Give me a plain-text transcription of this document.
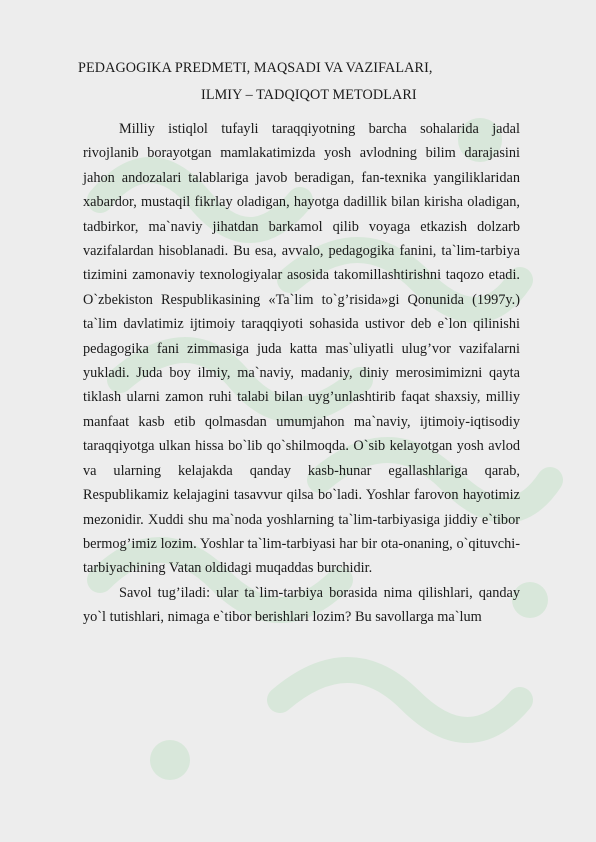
PEDAGOGIKA PREDMETI, MAQSADI VA VAZIFALARI,
ILMIY – TADQIQOT METODLARI

Milliy istiqlol tufayli taraqqiyotning barcha sohalarida jadal rivojlanib borayotgan mamlakatimizda yosh avlodning bilim darajasini jahon andozalari talablariga javob beradigan, fan-texnika yangiliklaridan xabardor, mustaqil fikrlay oladigan, hayotga dadillik bilan kirisha oladigan, tadbirkor, ma`naviy jihatdan barkamol qilib voyaga etkazish dolzarb vazifalardan hisoblanadi. Bu esa, avvalo, pedagogika fanini, ta`lim-tarbiya tizimini zamonaviy texnologiyalar asosida takomillashtirishni taqozo etadi. O`zbekiston Respublikasining «Ta`lim to`g’risida»gi Qonunida (1997y.) ta`lim davlatimiz ijtimoiy taraqqiyoti sohasida ustivor deb e`lon qilinishi pedagogika fani zimmasiga juda katta mas`uliyatli ulug’vor vazifalarni yukladi. Juda boy ilmiy, ma`naviy, madaniy, diniy merosimimizni qayta tiklash ularni zamon ruhi talabi bilan uyg’unlashtirib faqat shaxsiy, milliy manfaat kasb etib qolmasdan umumjahon ma`naviy, ijtimoiy-iqtisodiy taraqqiyotga ulkan hissa bo`lib qo`shilmoqda. O`sib kelayotgan yosh avlod va ularning kelajakda qanday kasb-hunar egallashlariga qarab, Respublikamiz kelajagini tasavvur qilsa bo`ladi. Yoshlar farovon hayotimiz mezonidir. Xuddi shu ma`noda yoshlarning ta`lim-tarbiyasiga jiddiy e`tibor bermog’imiz lozim. Yoshlar ta`lim-tarbiyasi har bir ota-onaning, o`qituvchi-tarbiyachining Vatan oldidagi muqaddas burchidir.

Savol tug’iladi: ular ta`lim-tarbiya borasida nima qilishlari, qanday yo`l tutishlari, nimaga e`tibor berishlari lozim? Bu savollarga ma`lum
